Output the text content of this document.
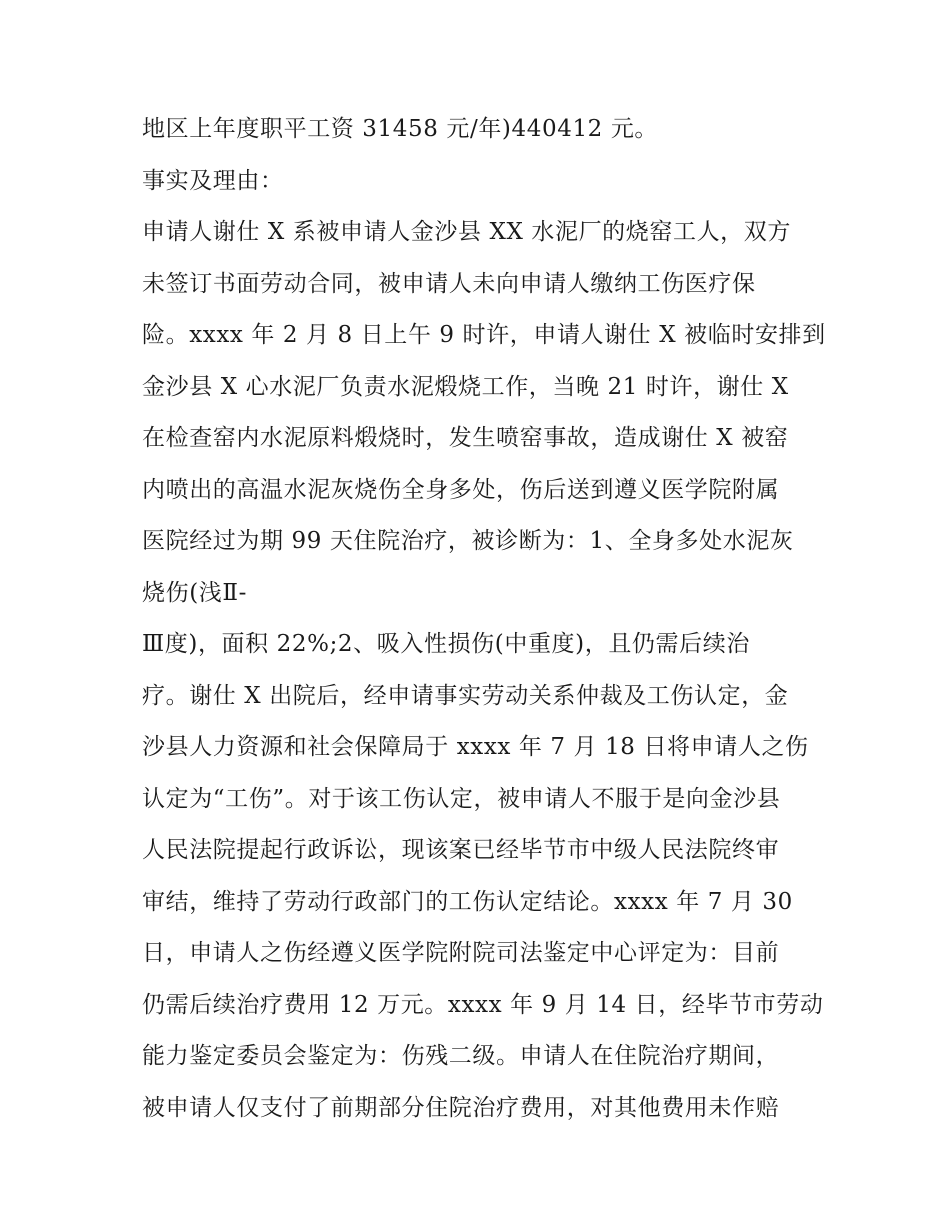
地区上年度职平工资 31458 元/年)440412 元。
事实及理由：
申请人谢仕 X 系被申请人金沙县 XX 水泥厂的烧窑工人，双方
未签订书面劳动合同，被申请人未向申请人缴纳工伤医疗保
险。xxxx 年 2 月 8 日上午 9 时许，申请人谢仕 X 被临时安排到
金沙县 X 心水泥厂负责水泥煅烧工作，当晚 21 时许，谢仕 X
在检查窑内水泥原料煅烧时，发生喷窑事故，造成谢仕 X 被窑
内喷出的高温水泥灰烧伤全身多处，伤后送到遵义医学院附属
医院经过为期 99 天住院治疗，被诊断为：1、全身多处水泥灰
烧伤(浅Ⅱ-
Ⅲ度)，面积 22%;2、吸入性损伤(中重度)，且仍需后续治
疗。谢仕 X 出院后，经申请事实劳动关系仲裁及工伤认定，金
沙县人力资源和社会保障局于 xxxx 年 7 月 18 日将申请人之伤
认定为“工伤”。对于该工伤认定，被申请人不服于是向金沙县
人民法院提起行政诉讼，现该案已经毕节市中级人民法院终审
审结，维持了劳动行政部门的工伤认定结论。xxxx 年 7 月 30
日，申请人之伤经遵义医学院附院司法鉴定中心评定为：目前
仍需后续治疗费用 12 万元。xxxx 年 9 月 14 日，经毕节市劳动
能力鉴定委员会鉴定为：伤残二级。申请人在住院治疗期间，
被申请人仅支付了前期部分住院治疗费用，对其他费用未作赔
